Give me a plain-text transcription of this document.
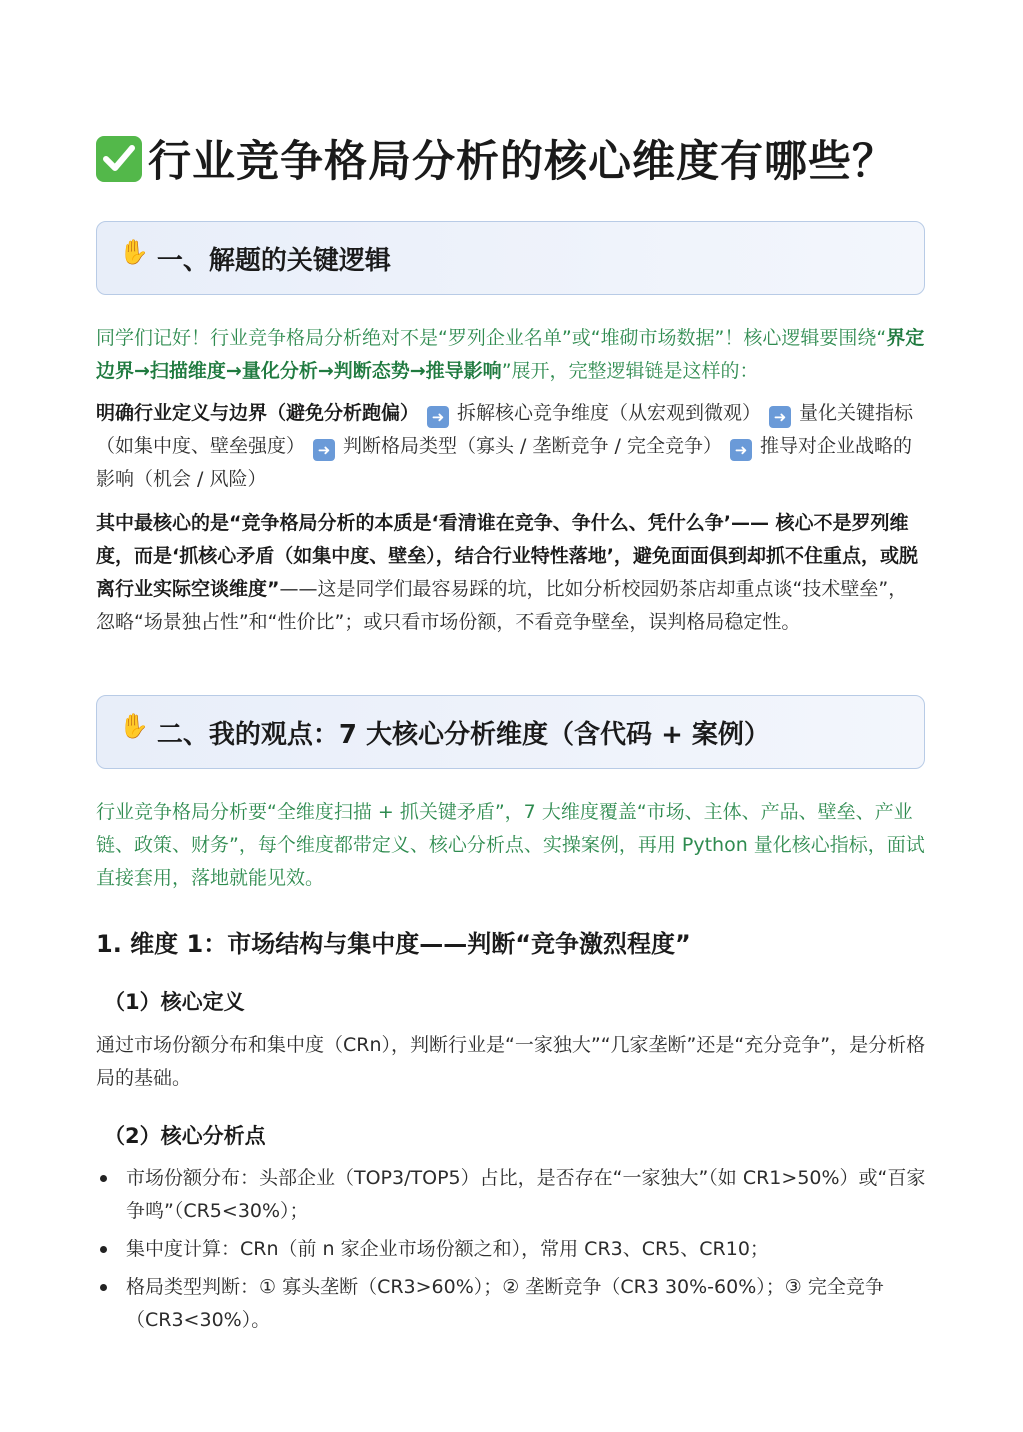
行业竞争格局分析的核心维度有哪些？
✋ 一、解题的关键逻辑
同学们记好！行业竞争格局分析绝对不是“罗列企业名单”或“堆砌市场数据”！核心逻辑要围绕“界定边界→扫描维度→量化分析→判断态势→推导影响”展开，完整逻辑链是这样的：
明确行业定义与边界（避免分析跑偏） ➜ 拆解核心竞争维度（从宏观到微观） ➜ 量化关键指标（如集中度、壁垒强度） ➜ 判断格局类型（寡头 / 垄断竞争 / 完全竞争） ➜ 推导对企业战略的影响（机会 / 风险）
其中最核心的是“竞争格局分析的本质是‘看清谁在竞争、争什么、凭什么争’—— 核心不是罗列维度，而是‘抓核心矛盾（如集中度、壁垒），结合行业特性落地’，避免面面俱到却抓不住重点，或脱离行业实际空谈维度”——这是同学们最容易踩的坑，比如分析校园奶茶店却重点谈“技术壁垒”，忽略“场景独占性”和“性价比”；或只看市场份额，不看竞争壁垒，误判格局稳定性。
✋ 二、我的观点：7 大核心分析维度（含代码 + 案例）
行业竞争格局分析要“全维度扫描 + 抓关键矛盾”，7 大维度覆盖“市场、主体、产品、壁垒、产业链、政策、财务”，每个维度都带定义、核心分析点、实操案例，再用 Python 量化核心指标，面试直接套用，落地就能见效。
1. 维度 1：市场结构与集中度——判断“竞争激烈程度”
（1）核心定义
通过市场份额分布和集中度（CRn），判断行业是“一家独大”“几家垄断”还是“充分竞争”，是分析格局的基础。
（2）核心分析点
市场份额分布：头部企业（TOP3/TOP5）占比，是否存在“一家独大”（如 CR1>50%）或“百家争鸣”（CR5<30%）；
集中度计算：CRn（前 n 家企业市场份额之和），常用 CR3、CR5、CR10；
格局类型判断：① 寡头垄断（CR3>60%）；② 垄断竞争（CR3 30%-60%）；③ 完全竞争（CR3<30%）。
